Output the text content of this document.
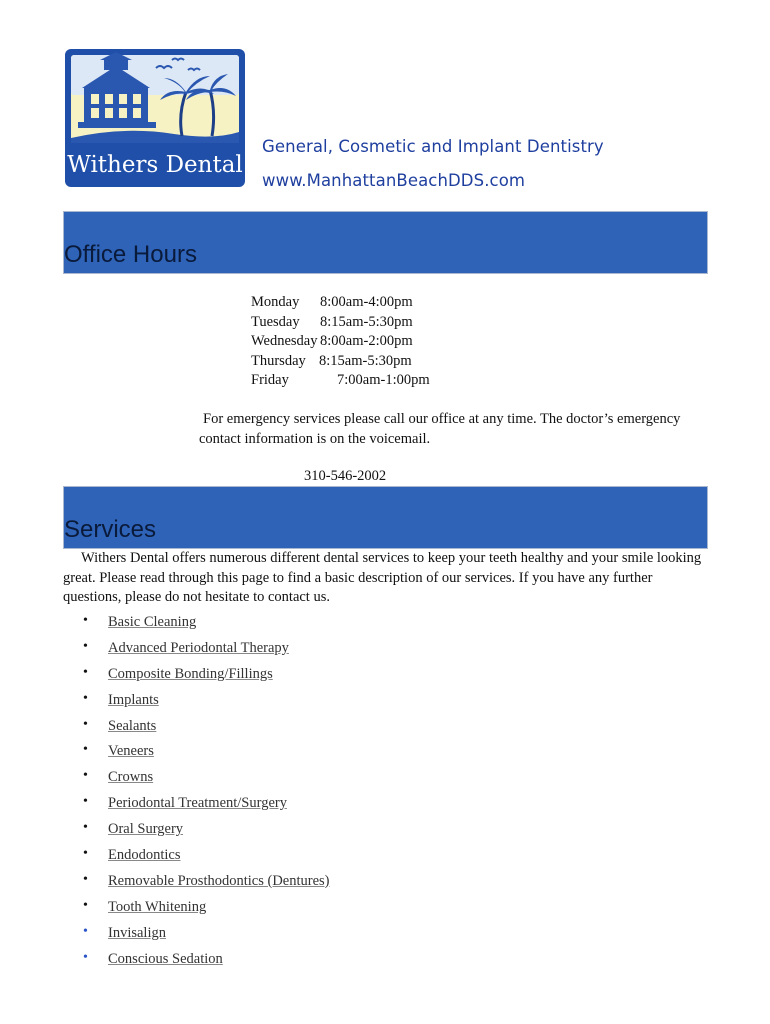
Withers Dental
General, Cosmetic and Implant Dentistry
www.ManhattanBeachDDS.com
Office Hours
Monday 8:00am-4:00pm
Tuesday 8:15am-5:30pm
Wednesday 8:00am-2:00pm
Thursday 8:15am-5:30pm
Friday	7:00am-1:00pm

For emergency services please call our office at any time. The doctor’s emergency contact information is on the voicemail.

310-546-2002
Services

Withers Dental offers numerous different dental services to keep your teeth healthy and your smile looking great. Please read through this page to find a basic description of our services. If you have any further questions, please do not hesitate to contact us.

• Basic Cleaning
• Advanced Periodontal Therapy
• Composite Bonding/Fillings
• Implants
• Sealants
• Veneers
• Crowns
• Periodontal Treatment/Surgery
• Oral Surgery
• Endodontics
• Removable Prosthodontics (Dentures)
• Tooth Whitening
• Invisalign
• Conscious Sedation
